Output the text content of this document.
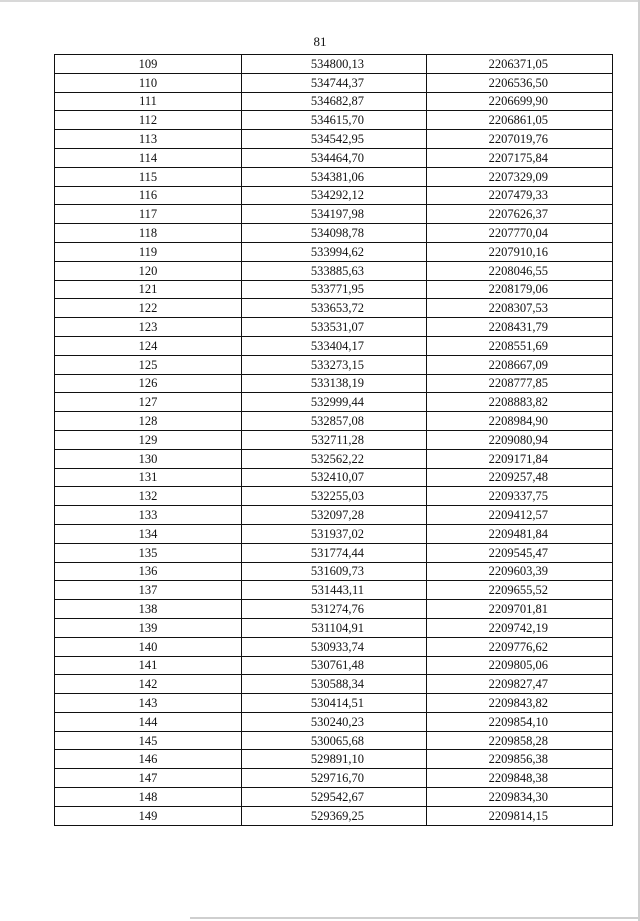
81
109	534800,13	2206371,05
110	534744,37	2206536,50
111	534682,87	2206699,90
112	534615,70	2206861,05
113	534542,95	2207019,76
114	534464,70	2207175,84
115	534381,06	2207329,09
116	534292,12	2207479,33
117	534197,98	2207626,37
118	534098,78	2207770,04
119	533994,62	2207910,16
120	533885,63	2208046,55
121	533771,95	2208179,06
122	533653,72	2208307,53
123	533531,07	2208431,79
124	533404,17	2208551,69
125	533273,15	2208667,09
126	533138,19	2208777,85
127	532999,44	2208883,82
128	532857,08	2208984,90
129	532711,28	2209080,94
130	532562,22	2209171,84
131	532410,07	2209257,48
132	532255,03	2209337,75
133	532097,28	2209412,57
134	531937,02	2209481,84
135	531774,44	2209545,47
136	531609,73	2209603,39
137	531443,11	2209655,52
138	531274,76	2209701,81
139	531104,91	2209742,19
140	530933,74	2209776,62
141	530761,48	2209805,06
142	530588,34	2209827,47
143	530414,51	2209843,82
144	530240,23	2209854,10
145	530065,68	2209858,28
146	529891,10	2209856,38
147	529716,70	2209848,38
148	529542,67	2209834,30
149	529369,25	2209814,15
